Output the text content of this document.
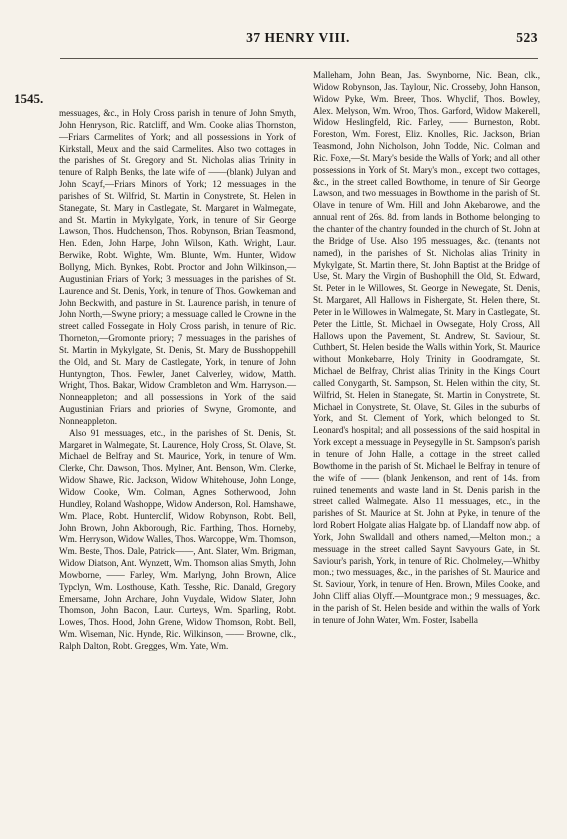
37 HENRY VIII.	523
1545.

messuages, &c., in Holy Cross parish in tenure of John Smyth, John Henryson, Ric. Ratcliff, and Wm. Cooke alias Thornston,—Friars Carmelites of York; and all possessions in York of Kirkstall, Meux and the said Carmelites. Also two cottages in the parishes of St. Gregory and St. Nicholas alias Trinity in tenure of Ralph Benks, the late wife of ——(blank) Julyan and John Scayf,—Friars Minors of York; 12 messuages in the parishes of St. Wilfrid, St. Martin in Conystrete, St. Helen in Stanegate, St. Mary in Castlegate, St. Margaret in Walmegate, and St. Martin in Mykylgate, York, in tenure of Sir George Lawson, Thos. Hudchenson, Thos. Robynson, Brian Teasmond, Hen. Eden, John Harpe, John Wilson, Kath. Wright, Laur. Berwike, Robt. Wighte, Wm. Blunte, Wm. Hunter, Widow Bollyng, Mich. Bynkes, Robt. Proctor and John Wilkinson,—Augustinian Friars of York; 3 messuages in the parishes of St. Laurence and St. Denis, York, in tenure of Thos. Gowkeman and John Beckwith, and pasture in St. Laurence parish, in tenure of John North,—Swyne priory; a messuage called le Crowne in the street called Fossegate in Holy Cross parish, in tenure of Ric. Thorneton,—Gromonte priory; 7 messuages in the parishes of St. Martin in Mykylgate, St. Denis, St. Mary de Busshoppehill the Old, and St. Mary de Castlegate, York, in tenure of John Huntyngton, Thos. Fewler, Janet Calverley, widow, Matth. Wright, Thos. Bakar, Widow Crambleton and Wm. Harryson.—Nonneappleton; and all possessions in York of the said Augustinian Friars and priories of Swyne, Gromonte, and Nonneappleton.

Also 91 messuages, etc., in the parishes of St. Denis, St. Margaret in Walmegate, St. Laurence, Holy Cross, St. Olave, St. Michael de Belfray and St. Maurice, York, in tenure of Wm. Clerke, Chr. Dawson, Thos. Mylner, Ant. Benson, Wm. Clerke, Widow Shawe, Ric. Jackson, Widow Whitehouse, John Longe, Widow Cooke, Wm. Colman, Agnes Sotherwood, John Hundley, Roland Washoppe, Widow Anderson, Rol. Hamshawe, Wm. Place, Robt. Hunterclif, Widow Robynson, Robt. Bell, John Brown, John Akborough, Ric. Farthing, Thos. Horneby, Wm. Herryson, Widow Walles, Thos. Warcoppe, Wm. Thomson, Wm. Beste, Thos. Dale, Patrick——, Ant. Slater, Wm. Brigman, Widow Diatson, Ant. Wynzett, Wm. Thomson alias Smyth, John Mowborne, —— Farley, Wm. Marlyng, John Brown, Alice Typclyn, Wm. Losthouse, Kath. Tesshe, Ric. Danald, Gregory Emersame, John Archare, John Vuydale, Widow Slater, John Thomson, John Bacon, Laur. Curteys, Wm. Sparling, Robt. Lowes, Thos. Hood, John Grene, Widow Thomson, Robt. Bell, Wm. Wiseman, Nic. Hynde, Ric. Wilkinson, —— Browne, clk., Ralph Dalton, Robt. Gregges, Wm. Yate, Wm.

Malleham, John Bean, Jas. Swynborne, Nic. Bean, clk., Widow Robynson, Jas. Taylour, Nic. Crosseby, John Hanson, Widow Pyke, Wm. Breer, Thos. Whyclif, Thos. Bowley, Alex. Melyson, Wm. Wroo, Thos. Garford, Widow Makerell, Widow Heslingfeld, Ric. Farley, —— Burneston, Robt. Foreston, Wm. Forest, Eliz. Knolles, Ric. Jackson, Brian Teasmond, John Nicholson, John Todde, Nic. Colman and Ric. Foxe,—St. Mary's beside the Walls of York; and all other possessions in York of St. Mary's mon., except two cottages, &c., in the street called Bowthome, in tenure of Sir George Lawson, and two messuages in Bowthome in the parish of St. Olave in tenure of Wm. Hill and John Akebarowe, and the annual rent of 26s. 8d. from lands in Bothome belonging to the chanter of the chantry founded in the church of St. John at the Bridge of Use. Also 195 messuages, &c. (tenants not named), in the parishes of St. Nicholas alias Trinity in Mykylgate, St. Martin there, St. John Baptist at the Bridge of Use, St. Mary the Virgin of Bushophill the Old, St. Edward, St. Peter in le Willowes, St. George in Newegate, St. Denis, St. Margaret, All Hallows in Fishergate, St. Helen there, St. Peter in le Willowes in Walmegate, St. Mary in Castlegate, St. Peter the Little, St. Michael in Owsegate, Holy Cross, All Hallows upon the Pavement, St. Andrew, St. Saviour, St. Cuthbert, St. Helen beside the Walls within York, St. Maurice without Monkebarre, Holy Trinity in Goodramgate, St. Michael de Belfray, Christ alias Trinity in the Kings Court called Conygarth, St. Sampson, St. Helen within the city, St. Wilfrid, St. Helen in Stanegate, St. Martin in Conystrete, St. Michael in Conystrete, St. Olave, St. Giles in the suburbs of York, and St. Clement of York, which belonged to St. Leonard's hospital; and all possessions of the said hospital in York except a messuage in Peysegylle in St. Sampson's parish in tenure of John Halle, a cottage in the street called Bowthome in the parish of St. Michael le Belfray in tenure of the wife of —— (blank Jenkenson, and rent of 14s. from ruined tenements and waste land in St. Denis parish in the street called Walmegate. Also 11 messuages, etc., in the parishes of St. Maurice at St. John at Pyke, in tenure of the lord Robert Holgate alias Halgate bp. of Llandaff now abp. of York, John Swalldall and others named,—Melton mon.; a messuage in the street called Saynt Savyours Gate, in St. Saviour's parish, York, in tenure of Ric. Cholmeley,—Whitby mon.; two messuages, &c., in the parishes of St. Maurice and St. Saviour, York, in tenure of Hen. Brown, Miles Cooke, and John Cliff alias Olyff.—Mountgrace mon.; 9 messuages, &c. in the parish of St. Helen beside and within the walls of York in tenure of John Water, Wm. Foster, Isabella
